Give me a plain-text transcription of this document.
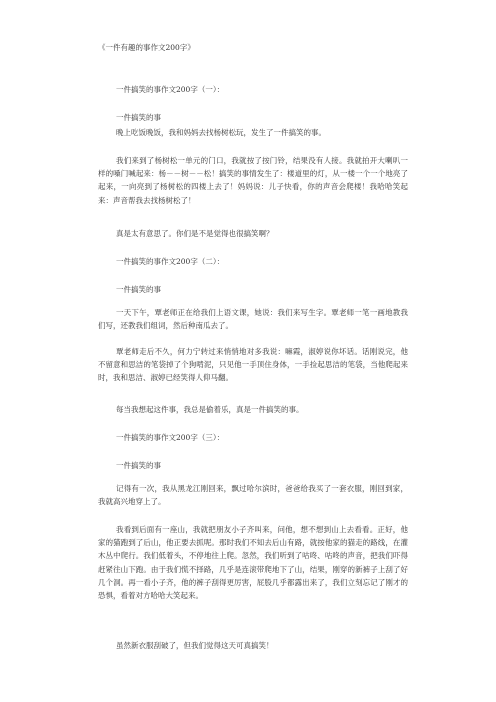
《一件有趣的事作文200字》

一件搞笑的事作文200字（一）：

一件搞笑的事

晚上吃饭晚饭，我和妈妈去找杨树松玩，发生了一件搞笑的事。

我们来到了杨树松一单元的门口，我就按了按门铃，结果没有人接。我就拍开大喇叭一样的嗓门喊起来：杨－－树－－松！搞笑的事情发生了：楼道里的灯，从一楼一个一个地亮了起来，一向亮到了杨树松的四楼上去了！妈妈说：儿子快看，你的声音会爬楼！我哈哈笑起来：声音帮我去找杨树松了！

真是太有意思了。你们是不是觉得也很搞笑啊？

一件搞笑的事作文200字（二）：

一件搞笑的事

一天下午，覃老师正在给我们上语文课，她说：我们来写生字。覃老师一笔一画地教我们写，还教我们组词，然后种南瓜去了。

覃老师走后不久，何力宁转过来悄悄地对多我说：嘛霞，淑婷说你坏话。话刚说完，他不留意和思洁的笔袋掉了个狗啃泥，只见他一手顶住身体，一手捡起思洁的笔袋，当他爬起来时，我和思洁、淑婷已经笑得人仰马翻。

每当我想起这件事，我总是偷着乐，真是一件搞笑的事。

一件搞笑的事作文200字（三）：

一件搞笑的事

记得有一次，我从黑龙江刚回来，飘过哈尔滨时，爸爸给我买了一套衣服，刚回到家，我就高兴地穿上了。

我看到后面有一座山，我就把朋友小子齐叫来，问他，想不想到山上去看看。正好，他家的猫跑到了后山，他正要去抓呢。那时我们不知去后山有路，就按他家的猫走的路线，在灌木丛中爬行。我们低着头，不停地往上爬。忽然，我们听到了咕咚、咕咚的声音，把我们吓得赶紧往山下跑。由于我们慌不择路，几乎是连滚带爬地下了山，结果，刚穿的新裤子上刮了好几个洞。再一看小子齐，他的裤子刮得更厉害，屁股几乎都露出来了，我们立刻忘记了刚才的恐惧，看着对方哈哈大笑起来。

虽然新衣服刮破了，但我们觉得这天可真搞笑！
